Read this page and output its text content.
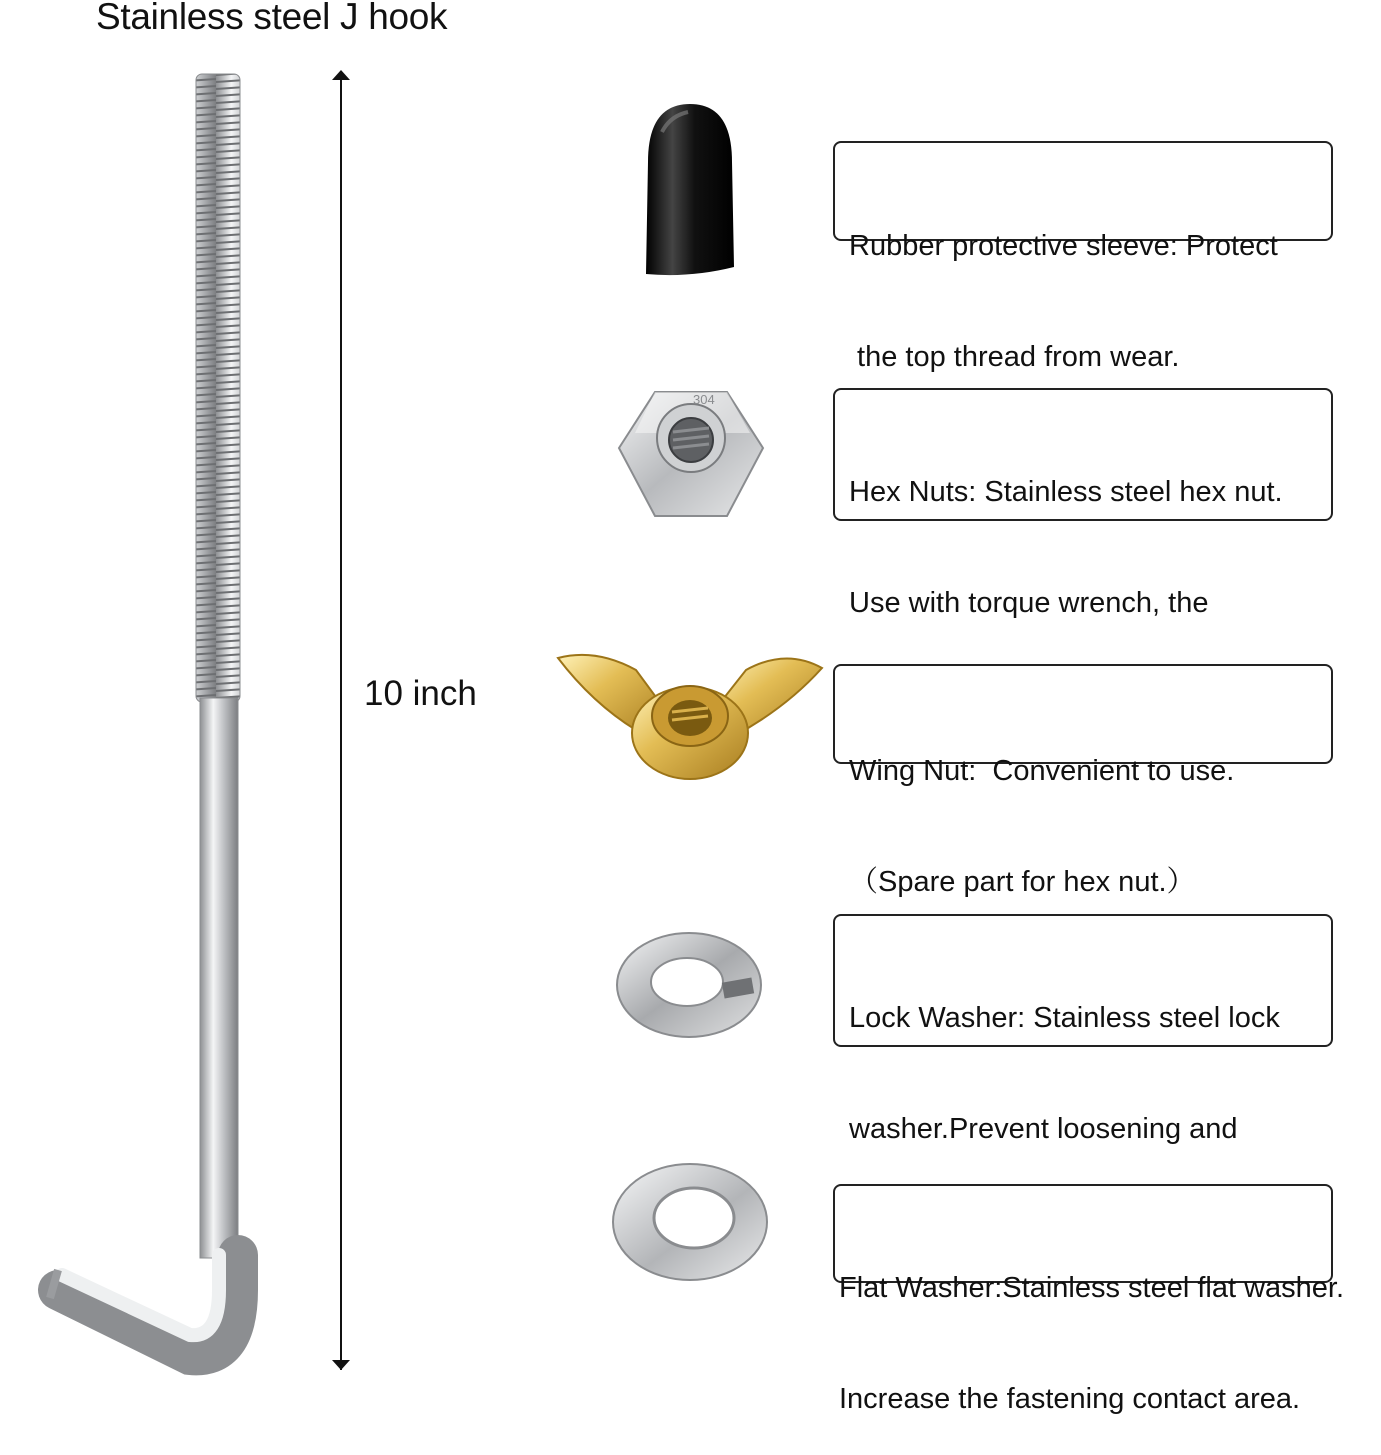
Stainless steel J hook
10 inch
304

Rubber protective sleeve: Protect

the top thread from wear.

Hex Nuts: Stainless steel hex nut.

Use with torque wrench, the

Wing Nut:  Convenient to use.

（Spare part for hex nut.）

Lock Washer: Stainless steel lock

washer.Prevent loosening and

Flat Washer:Stainless steel flat washer.

Increase the fastening contact area.
